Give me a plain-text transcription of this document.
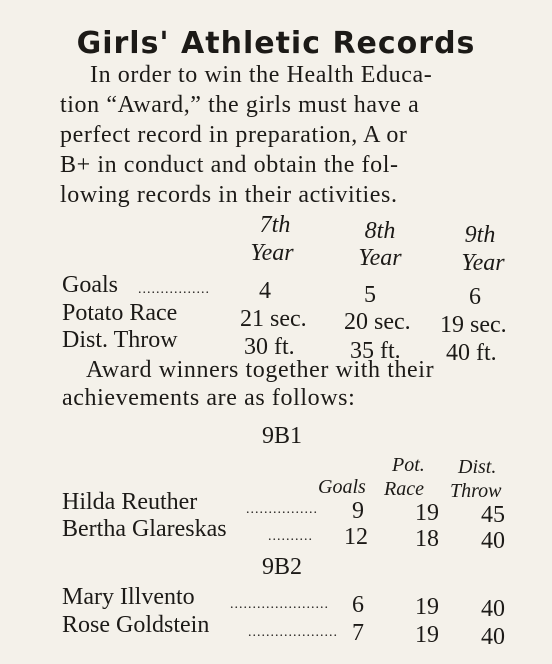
Girls' Athletic Records
In order to win the Health Educa-
tion “Award,” the girls must have a
perfect record in preparation, A or
B+ in conduct and obtain the fol-
lowing records in their activities.
7th	8th	9th
Year	Year	Year
Goals ................	4	5	6
Potato Race	21 sec. 20 sec. 19 sec.
Dist. Throw	30 ft. 35 ft. 40 ft.
Award winners together with their
achievements are as follows:
9B1
Pot. Dist.
Goals Race Throw
Hilda Reuther	................	9	19 45
Bertha Glareskas	..........	12	18 40
9B2
Mary Illvento	...................... 6	19 40
Rose Goldstein	.................... 7	19 40
